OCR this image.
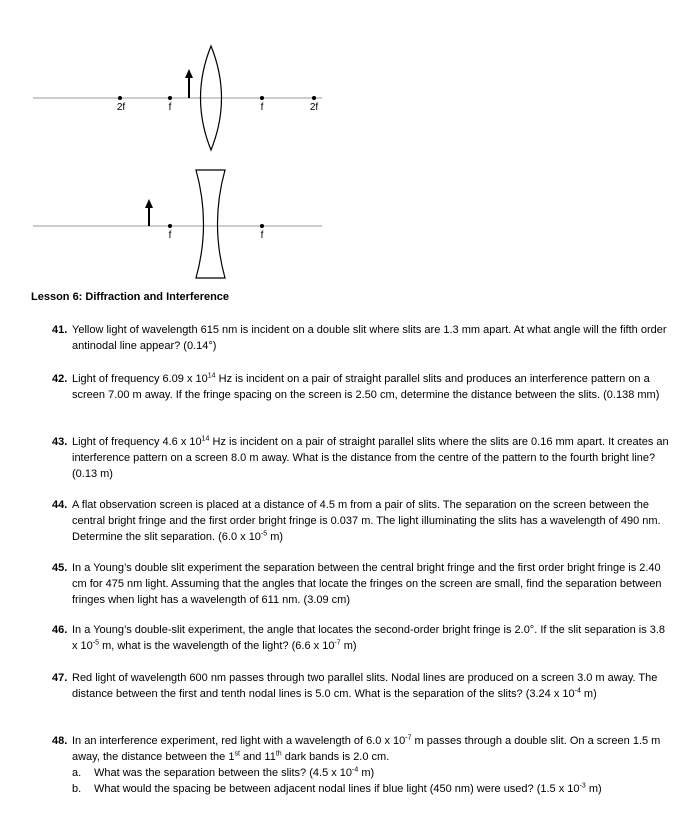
2f	f	f	2f
f	f
Lesson 6: Diffraction and Interference
41. Yellow light of wavelength 615 nm is incident on a double slit where slits are 1.3 mm apart. At what angle will the fifth order antinodal line appear? (0.14°)
42. Light of frequency 6.09 x $10^{14}$ Hz is incident on a pair of straight parallel slits and produces an interference pattern on a screen 7.00 m away. If the fringe spacing on the screen is 2.50 cm, determine the distance between the slits. (0.138 mm)
43. Light of frequency 4.6 x $10^{14}$ Hz is incident on a pair of straight parallel slits where the slits are 0.16 mm apart. It creates an interference pattern on a screen 8.0 m away. What is the distance from the centre of the pattern to the fourth bright line? (0.13 m)
44. A flat observation screen is placed at a distance of 4.5 m from a pair of slits. The separation on the screen between the central bright fringe and the first order bright fringe is 0.037 m. The light illuminating the slits has a wavelength of 490 nm. Determine the slit separation. (6.0 x $10^{-5}$ m)
45. In a Young’s double slit experiment the separation between the central bright fringe and the first order bright fringe is 2.40 cm for 475 nm light. Assuming that the angles that locate the fringes on the screen are small, find the separation between fringes when light has a wavelength of 611 nm. (3.09 cm)
46. In a Young’s double-slit experiment, the angle that locates the second-order bright fringe is 2.0°. If the slit separation is 3.8 x $10^{-5}$ m, what is the wavelength of the light? (6.6 x $10^{-7}$ m)
47. Red light of wavelength 600 nm passes through two parallel slits. Nodal lines are produced on a screen 3.0 m away. The distance between the first and tenth nodal lines is 5.0 cm. What is the separation of the slits? (3.24 x $10^{-4}$ m)
48. In an interference experiment, red light with a wavelength of 6.0 x $10^{-7}$ m passes through a double slit. On a screen 1.5 m away, the distance between the 1st and 11th dark bands is 2.0 cm.
a. What was the separation between the slits? (4.5 x $10^{-4}$ m)
b. What would the spacing be between adjacent nodal lines if blue light (450 nm) were used? (1.5 x $10^{-3}$ m)
